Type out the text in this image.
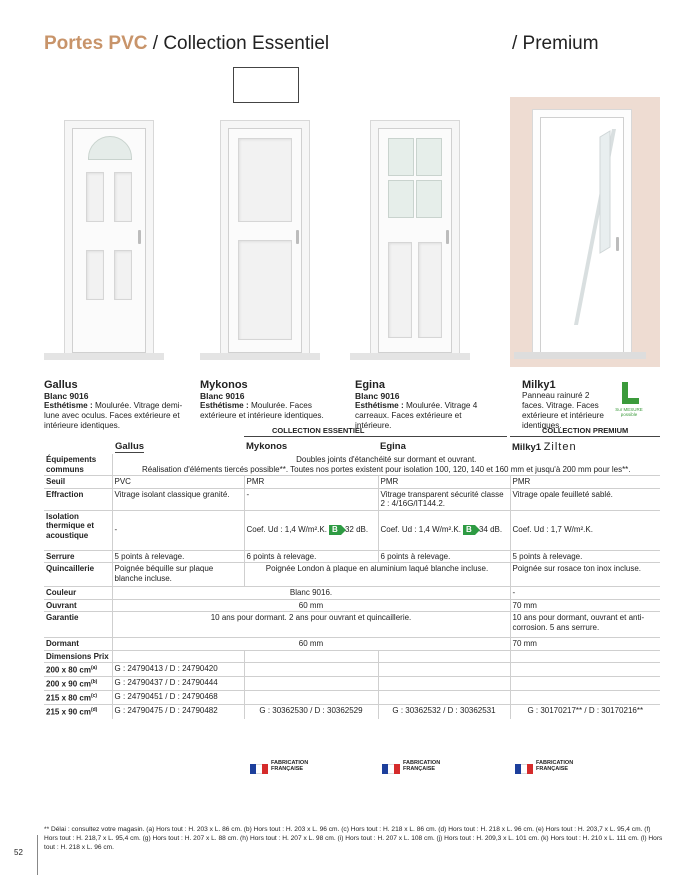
Portes PVC / Collection Essentiel	/ Premium
Gallus
Blanc 9016
Esthétisme : Moulurée. Vitrage demi-lune avec oculus. Faces extérieure et intérieure identiques.
Mykonos
Blanc 9016
Esthétisme : Moulurée. Faces extérieure et intérieure identiques.
Egina
Blanc 9016
Esthétisme : Moulurée. Vitrage 4 carreaux. Faces extérieure et intérieure.
Milky1
Panneau rainuré 2 faces. Vitrage. Faces extérieure et intérieure identiques.
Sur MESURE possible
COLLECTION ESSENTIEL	COLLECTION PREMIUM
Gallus	Mykonos	Egina	Milky1 Zilten
Équipements communs	Doubles joints d'étanchéité sur dormant et ouvrant.
Réalisation d'éléments tiercés possible**. Toutes nos portes existent pour isolation 100, 120, 140 et 160 mm et jusqu'à 200 mm pour les**.			

Seuil	PVC	PMR	PMR	PMR
Effraction	Vitrage isolant classique granité.	-	Vitrage transparent sécurité classe 2 : 4/16G/IT144.2.	Vitrage opale feuilleté sablé.
Isolation thermique et acoustique	-	Coef. Ud : 1,4 W/m².K. B 32 dB.	Coef. Ud : 1,4 W/m².K. B 34 dB.	Coef. Ud : 1,7 W/m².K.
Serrure	5 points à relevage.	6 points à relevage.	6 points à relevage.	5 points à relevage.
Quincaillerie	Poignée béquille sur plaque blanche incluse.	Poignée London à plaque en aluminium laqué blanche incluse.		Poignée sur rosace ton inox incluse.
Couleur	Blanc 9016.			-
Ouvrant	60 mm			70 mm
Garantie	10 ans pour dormant. 2 ans pour ouvrant et quincaillerie.			10 ans pour dormant, ouvrant et anti-corrosion. 5 ans serrure.
Dormant	60 mm			70 mm
Dimensions Prix				
200 x 80 $cm^{(a)}$	G : 24790413 / D : 24790420			
200 x 90 $cm^{(b)}$	G : 24790437 / D : 24790444			
215 x 80 $cm^{(c)}$	G : 24790451 / D : 24790468			
215 x 90 $cm^{(d)}$	G : 24790475 / D : 24790482	G : 30362530 / D : 30362529	G : 30362532 / D : 30362531	G : 30170217** / D : 30170216**
FABRICATION FRANÇAISE
FABRICATION FRANÇAISE
FABRICATION FRANÇAISE
** Délai : consultez votre magasin. (a) Hors tout : H. 203 x L. 86 cm. (b) Hors tout : H. 203 x L. 96 cm. (c) Hors tout : H. 218 x L. 86 cm. (d) Hors tout : H. 218 x L. 96 cm. (e) Hors tout : H. 203,7 x L. 95,4 cm. (f) Hors tout : H. 218,7 x L. 95,4 cm. (g) Hors tout : H. 207 x L. 88 cm. (h) Hors tout : H. 207 x L. 98 cm. (i) Hors tout : H. 207 x L. 108 cm. (j) Hors tout : H. 209,3 x L. 101 cm. (k) Hors tout : H. 210 x L. 111 cm. (l) Hors tout : H. 218 x L. 96 cm.
52
